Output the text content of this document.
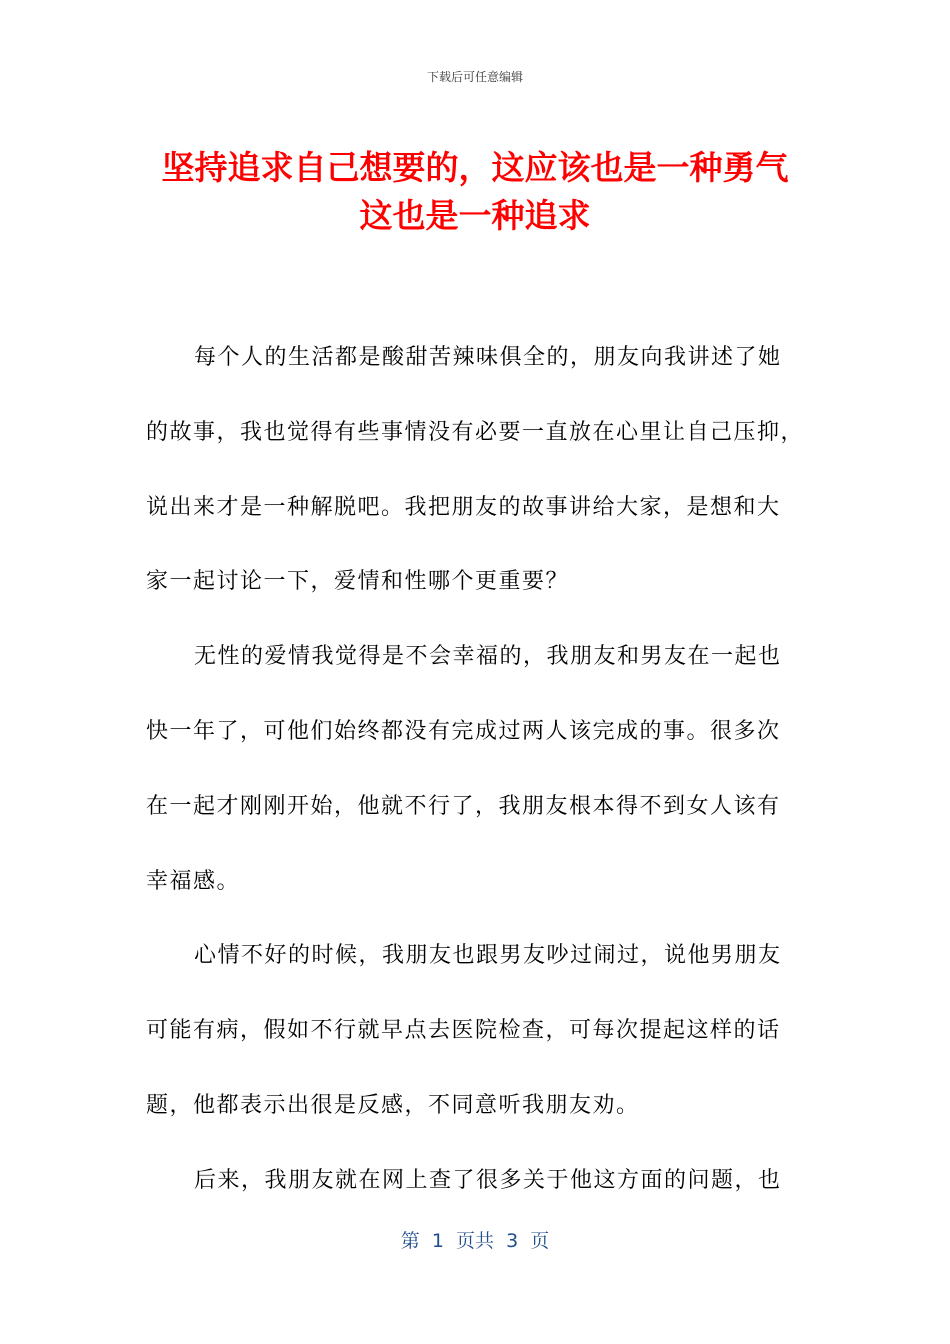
下载后可任意编辑
坚持追求自己想要的，这应该也是一种勇气
这也是一种追求
每个人的生活都是酸甜苦辣味俱全的，朋友向我讲述了她
的故事，我也觉得有些事情没有必要一直放在心里让自己压抑，
说出来才是一种解脱吧。我把朋友的故事讲给大家，是想和大
家一起讨论一下，爱情和性哪个更重要？
无性的爱情我觉得是不会幸福的，我朋友和男友在一起也
快一年了，可他们始终都没有完成过两人该完成的事。很多次
在一起才刚刚开始，他就不行了，我朋友根本得不到女人该有
幸福感。
心情不好的时候，我朋友也跟男友吵过闹过，说他男朋友
可能有病，假如不行就早点去医院检查，可每次提起这样的话
题，他都表示出很是反感，不同意听我朋友劝。
后来，我朋友就在网上查了很多关于他这方面的问题，也
第  1  页共  3  页
